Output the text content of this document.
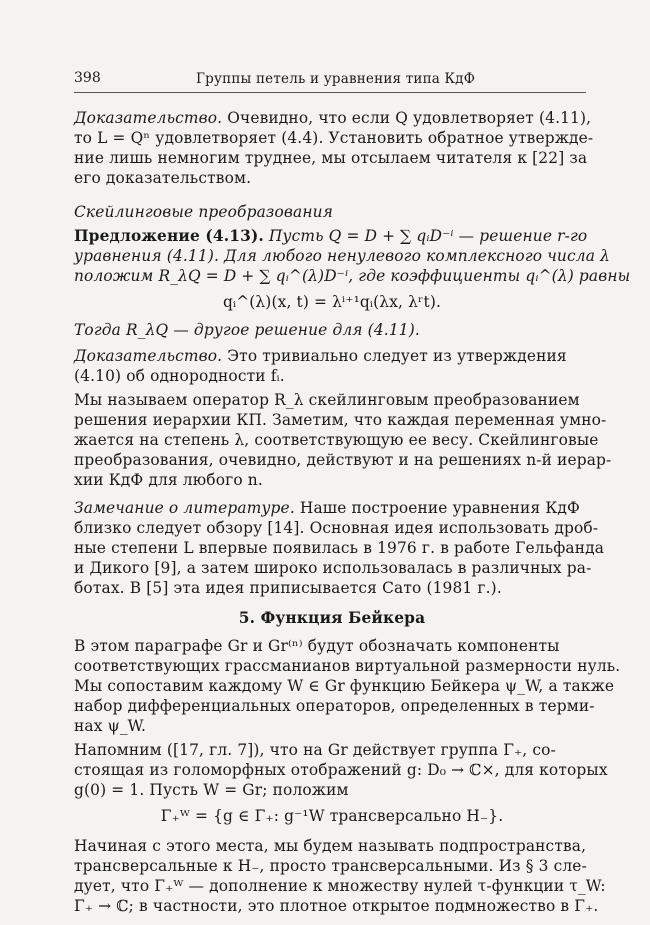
398	Группы петель и уравнения типа КдФ
Доказательство. Очевидно, что если Q удовлетворяет (4.11),
то L = Qⁿ удовлетворяет (4.4). Установить обратное утвержде-
ние лишь немногим труднее, мы отсылаем читателя к [22] за
его доказательством.
Скейлинговые преобразования
Предложение (4.13). Пусть Q = D + ∑ qᵢD⁻ⁱ — решение r-го
уравнения (4.11). Для любого ненулевого комплексного числа λ
положим R_λQ = D + ∑ qᵢ^(λ)D⁻ⁱ, где коэффициенты qᵢ^(λ) равны
qᵢ^(λ)(x, t) = λⁱ⁺¹qᵢ(λx, λʳt).
Тогда R_λQ — другое решение для (4.11).
Доказательство. Это тривиально следует из утверждения
(4.10) об однородности fᵢ.
Мы называем оператор R_λ скейлинговым преобразованием
решения иерархии КП. Заметим, что каждая переменная умно-
жается на степень λ, соответствующую ее весу. Скейлинговые
преобразования, очевидно, действуют и на решениях n-й иерар-
хии КдФ для любого n.
Замечание о литературе. Наше построение уравнения КдФ
близко следует обзору [14]. Основная идея использовать дроб-
ные степени L впервые появилась в 1976 г. в работе Гельфанда
и Дикого [9], а затем широко использовалась в различных ра-
ботах. В [5] эта идея приписывается Сато (1981 г.).
5. Функция Бейкера
В этом параграфе Gr и Gr⁽ⁿ⁾ будут обозначать компоненты
соответствующих грассманианов виртуальной размерности нуль.
Мы сопоставим каждому W ∈ Gr функцию Бейкера ψ_W, а также
набор дифференциальных операторов, определенных в терми-
нах ψ_W.
Напомним ([17, гл. 7]), что на Gr действует группа Γ₊, со-
стоящая из голоморфных отображений g: D₀ → ℂ×, для которых
g(0) = 1. Пусть W = Gr; положим
Γ₊ᵂ = {g ∈ Γ₊: g⁻¹W трансверсально H₋}.
Начиная с этого места, мы будем называть подпространства,
трансверсальные к H₋, просто трансверсальными. Из § 3 сле-
дует, что Γ₊ᵂ — дополнение к множеству нулей τ-функции τ_W:
Γ₊ → ℂ; в частности, это плотное открытое подмножество в Γ₊.
